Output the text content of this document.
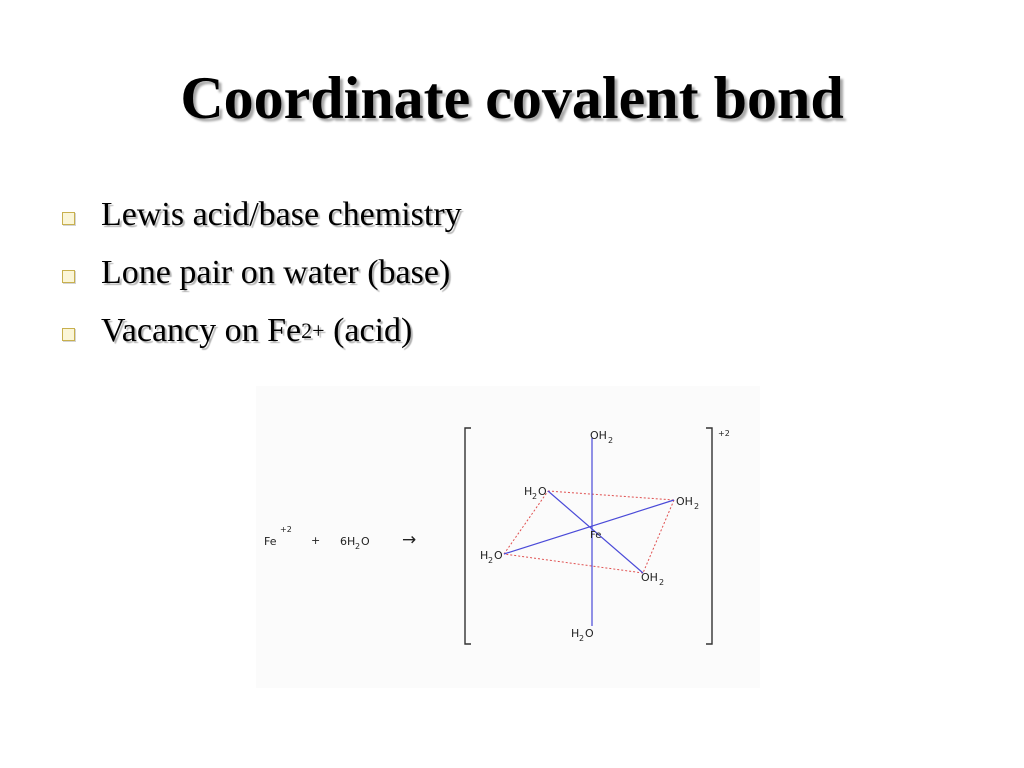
Coordinate covalent bond
Lewis acid/base chemistry
Lone pair on water (base)
Vacancy on Fe 2+ (acid)
Fe
+2
+ 6 H 2 O →
+2
Fe
OH 2
OH 2
OH 2
H 2 O
H 2 O
H 2 O
